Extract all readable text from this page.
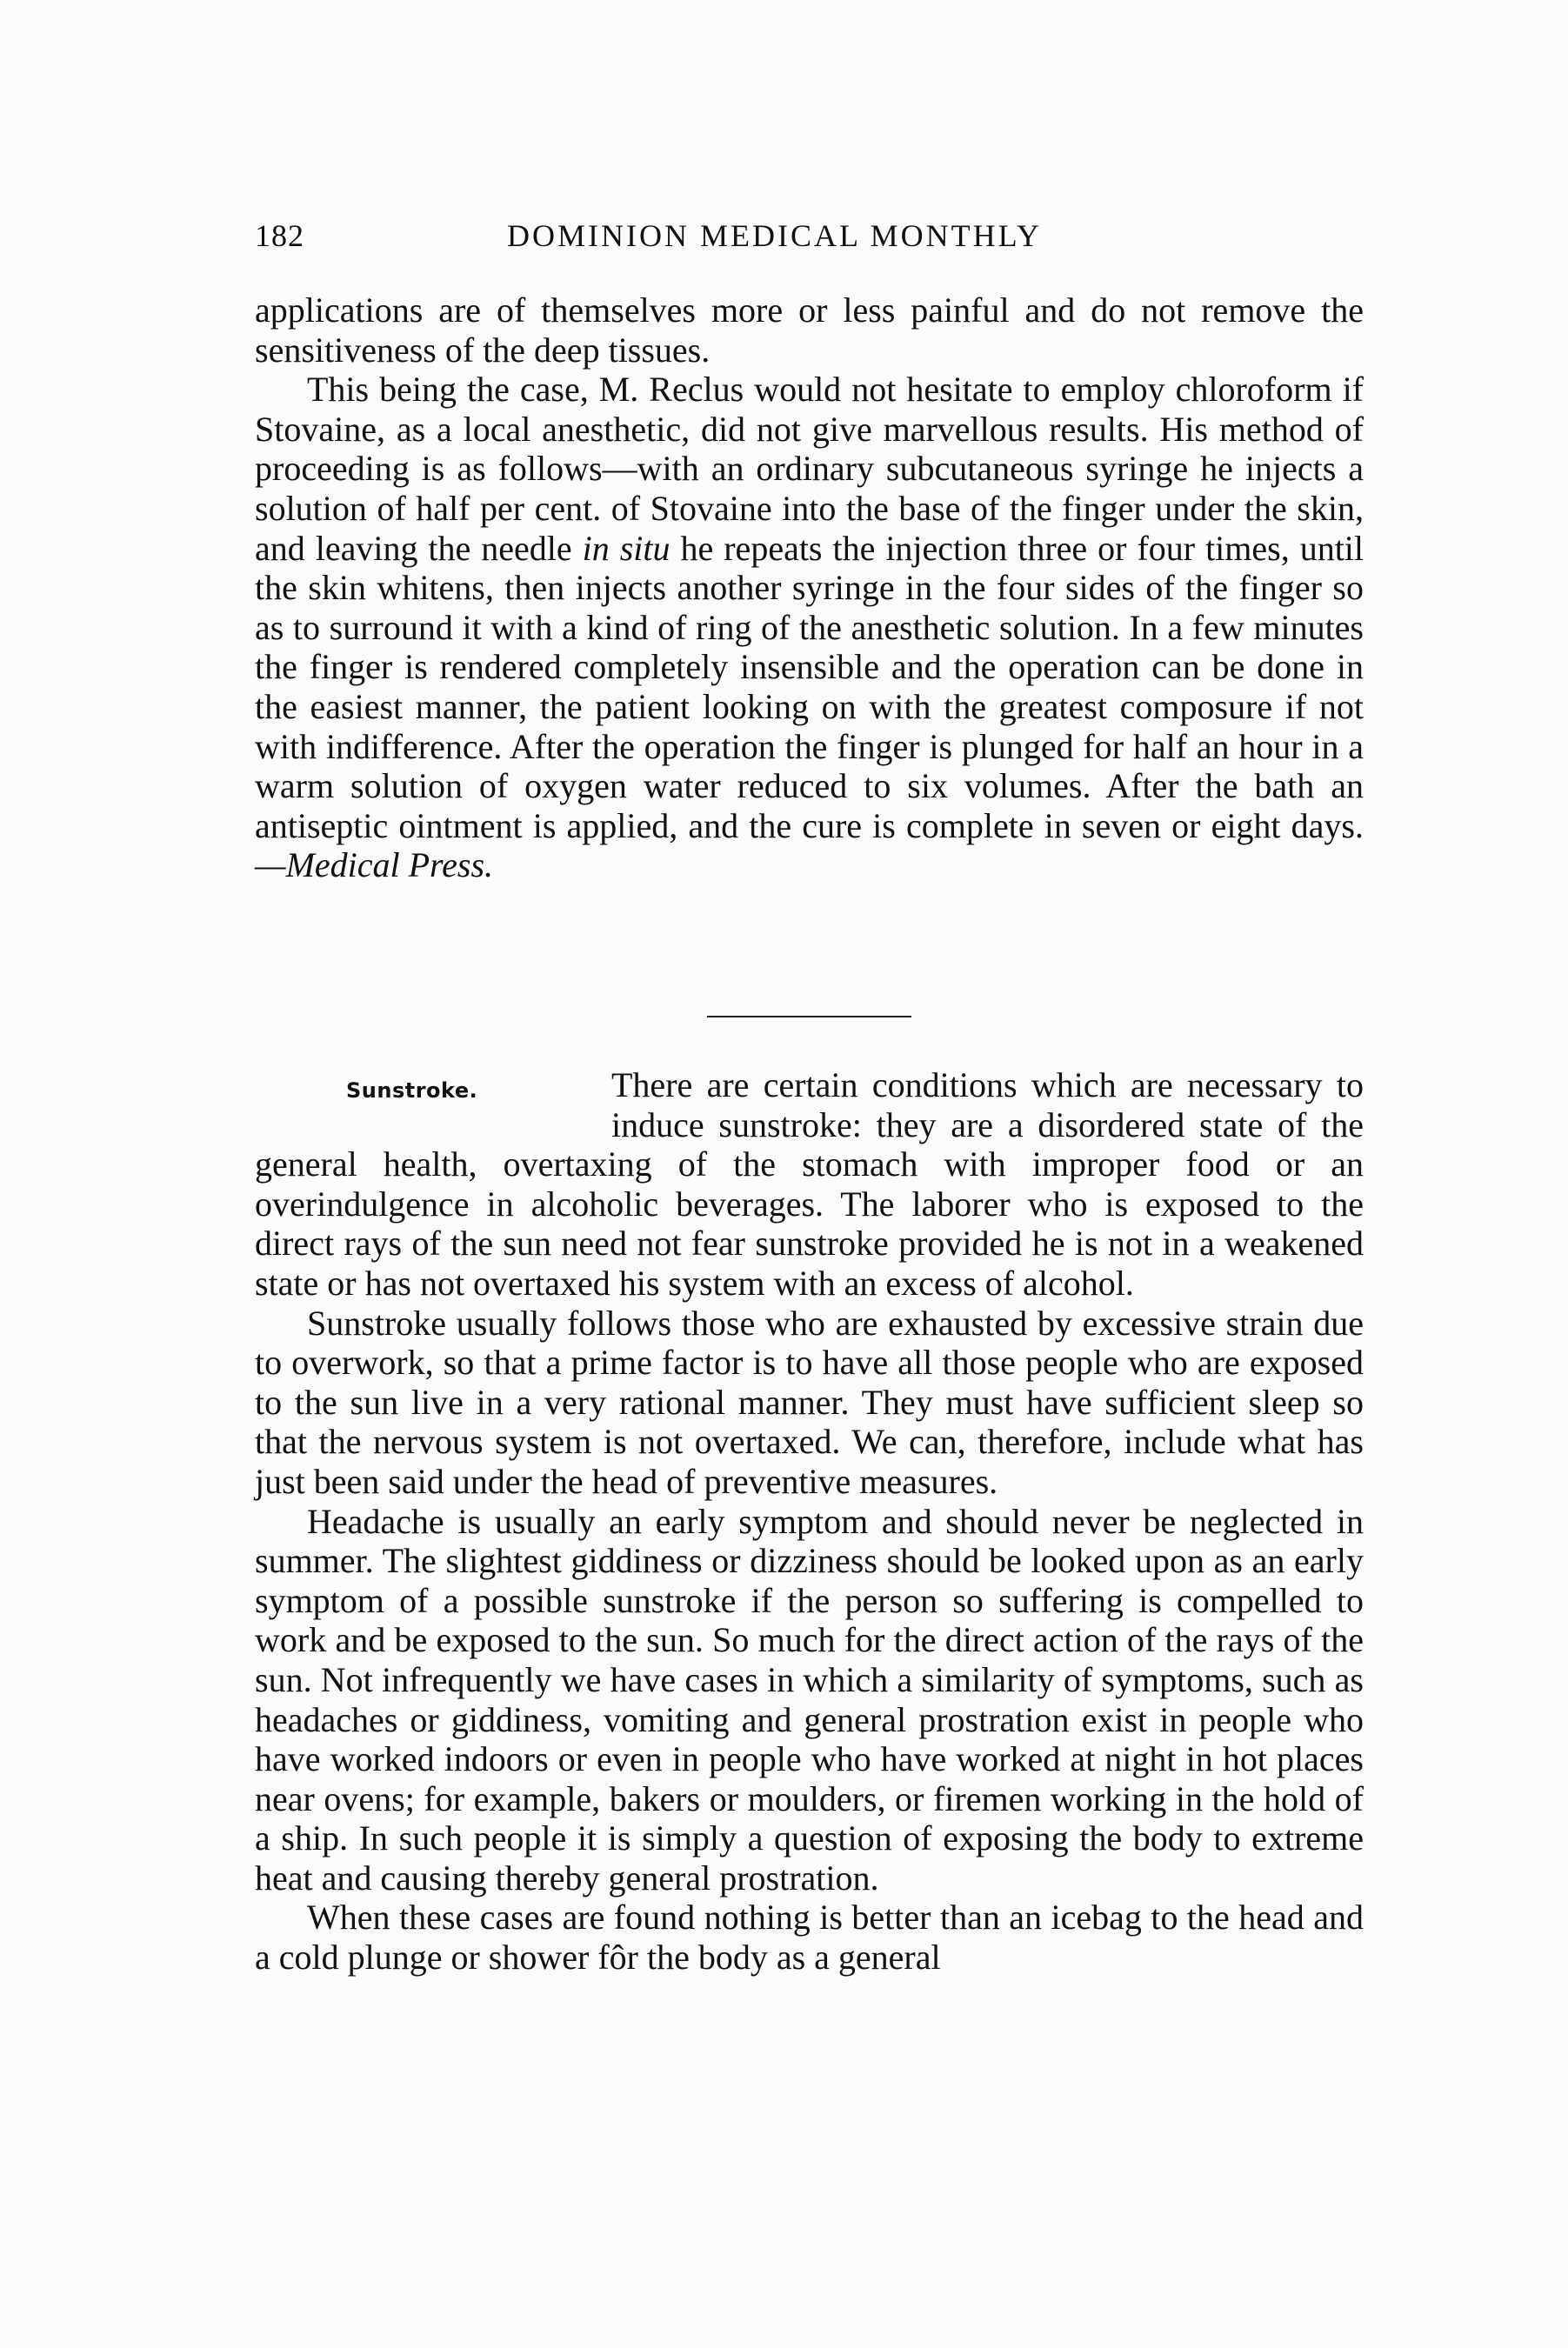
182	DOMINION MEDICAL MONTHLY

applications are of themselves more or less painful and do not remove the sensitiveness of the deep tissues.

This being the case, M. Reclus would not hesitate to employ chloroform if Stovaine, as a local anesthetic, did not give marvellous results. His method of proceeding is as follows—with an ordinary subcutaneous syringe he injects a solution of half per cent. of Stovaine into the base of the finger under the skin, and leaving the needle in situ he repeats the injection three or four times, until the skin whitens, then injects another syringe in the four sides of the finger so as to surround it with a kind of ring of the anesthetic solution. In a few minutes the finger is rendered completely insensible and the operation can be done in the easiest manner, the patient looking on with the greatest composure if not with indifference. After the operation the finger is plunged for half an hour in a warm solution of oxygen water reduced to six volumes. After the bath an antiseptic ointment is applied, and the cure is complete in seven or eight days.—Medical Press.

Sunstroke.	There are certain conditions which are necessary to induce sunstroke: they are a disordered state of the general health, overtaxing of the stomach with improper food or an overindulgence in alcoholic beverages. The laborer who is exposed to the direct rays of the sun need not fear sunstroke provided he is not in a weakened state or has not overtaxed his system with an excess of alcohol.

Sunstroke usually follows those who are exhausted by excessive strain due to overwork, so that a prime factor is to have all those people who are exposed to the sun live in a very rational manner. They must have sufficient sleep so that the nervous system is not overtaxed. We can, therefore, include what has just been said under the head of preventive measures.

Headache is usually an early symptom and should never be neglected in summer. The slightest giddiness or dizziness should be looked upon as an early symptom of a possible sunstroke if the person so suffering is compelled to work and be exposed to the sun. So much for the direct action of the rays of the sun. Not infrequently we have cases in which a similarity of symptoms, such as headaches or giddiness, vomiting and general prostration exist in people who have worked indoors or even in people who have worked at night in hot places near ovens; for example, bakers or moulders, or firemen working in the hold of a ship. In such people it is simply a question of exposing the body to extreme heat and causing thereby general prostration.

When these cases are found nothing is better than an icebag to the head and a cold plunge or shower fôr the body as a general
